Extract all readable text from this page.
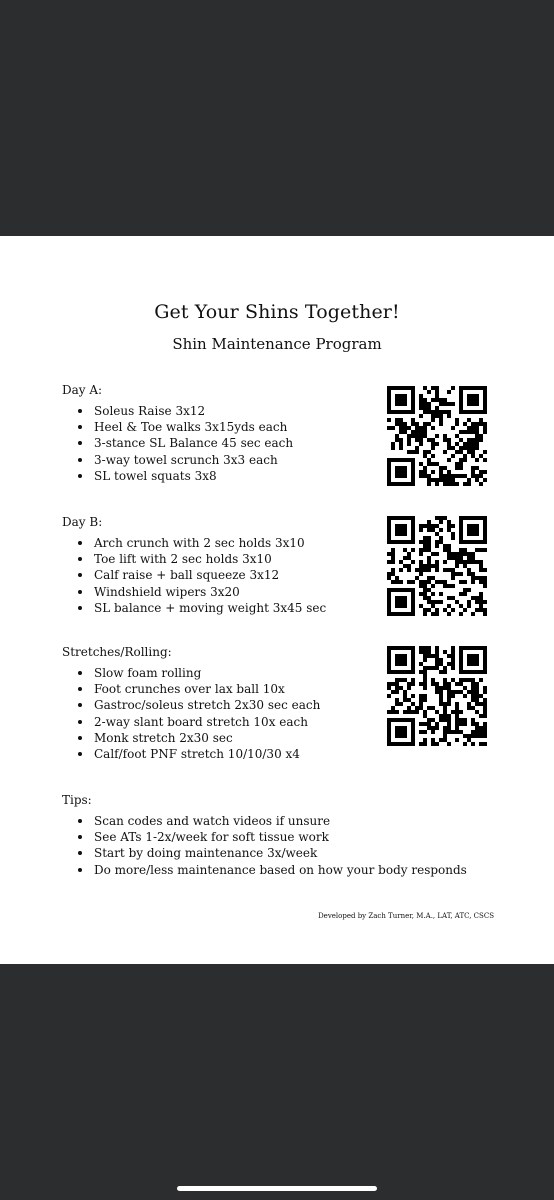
Get Your Shins Together!
Shin Maintenance Program
Day A:
Soleus Raise 3x12
Heel & Toe walks 3x15yds each
3-stance SL Balance 45 sec each
3-way towel scrunch 3x3 each
SL towel squats 3x8
Day B:
Arch crunch with 2 sec holds 3x10
Toe lift with 2 sec holds 3x10
Calf raise + ball squeeze 3x12
Windshield wipers 3x20
SL balance + moving weight 3x45 sec
Stretches/Rolling:
Slow foam rolling
Foot crunches over lax ball 10x
Gastroc/soleus stretch 2x30 sec each
2-way slant board stretch 10x each
Monk stretch 2x30 sec
Calf/foot PNF stretch 10/10/30 x4
Tips:
Scan codes and watch videos if unsure
See ATs 1-2x/week for soft tissue work
Start by doing maintenance 3x/week
Do more/less maintenance based on how your body responds
Developed by Zach Turner, M.A., LAT, ATC, CSCS
